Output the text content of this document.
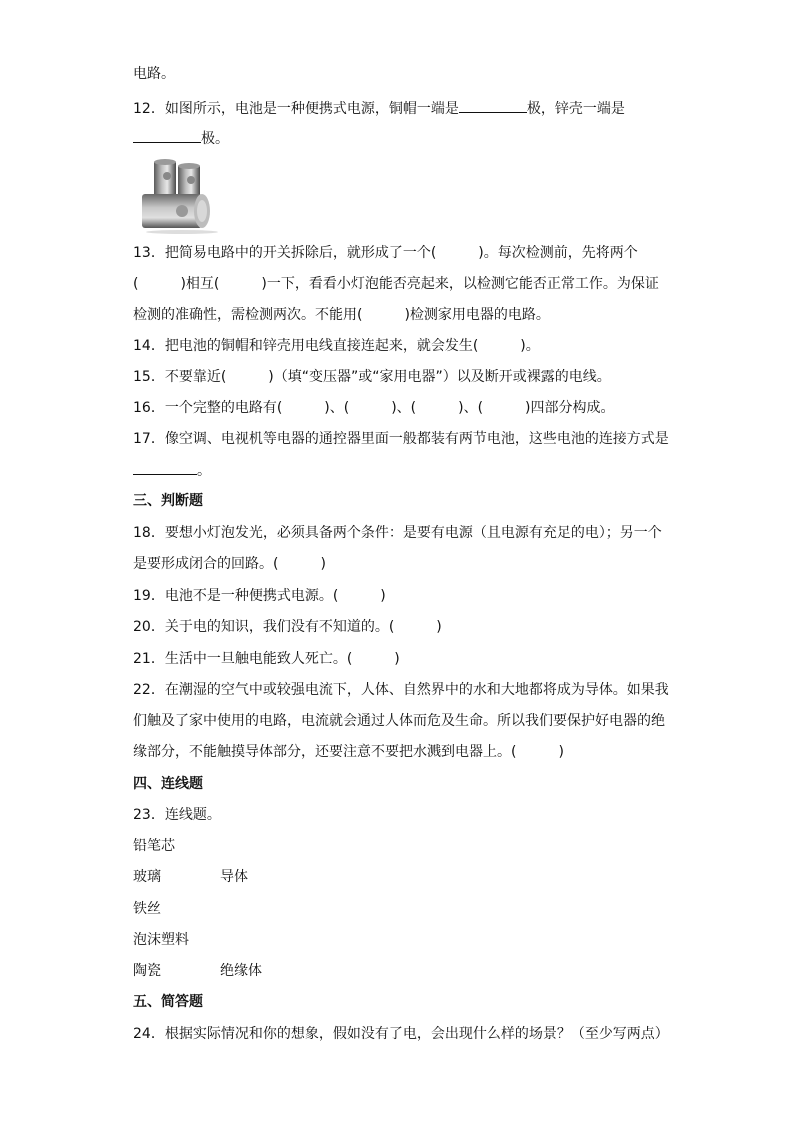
电路。
12．如图所示，电池是一种便携式电源，铜帽一端是	极，锌壳一端是
极。
13．把简易电路中的开关拆除后，就形成了一个(　　　)。每次检测前，先将两个
(　　　)相互(　　　)一下，看看小灯泡能否亮起来，以检测它能否正常工作。为保证
检测的准确性，需检测两次。不能用(　　　)检测家用电器的电路。
14．把电池的铜帽和锌壳用电线直接连起来，就会发生(　　　)。
15．不要靠近(　　　)（填“变压器”或“家用电器”）以及断开或裸露的电线。
16．一个完整的电路有(　　　)、(　　　)、(　　　)、(　　　)四部分构成。
17．像空调、电视机等电器的通控器里面一般都装有两节电池，这些电池的连接方式是
。
三、判断题
18．要想小灯泡发光，必须具备两个条件：是要有电源（且电源有充足的电）；另一个
是要形成闭合的回路。(　　　)
19．电池不是一种便携式电源。(　　　)
20．关于电的知识，我们没有不知道的。(　　　)
21．生活中一旦触电能致人死亡。(　　　)
22．在潮湿的空气中或较强电流下，人体、自然界中的水和大地都将成为导体。如果我
们触及了家中使用的电路，电流就会通过人体而危及生命。所以我们要保护好电器的绝
缘部分，不能触摸导体部分，还要注意不要把水溅到电器上。(　　　)
四、连线题
23．连线题。
铅笔芯
玻璃	导体
铁丝
泡沫塑料
陶瓷	绝缘体
五、简答题
24．根据实际情况和你的想象，假如没有了电，会出现什么样的场景？（至少写两点）
